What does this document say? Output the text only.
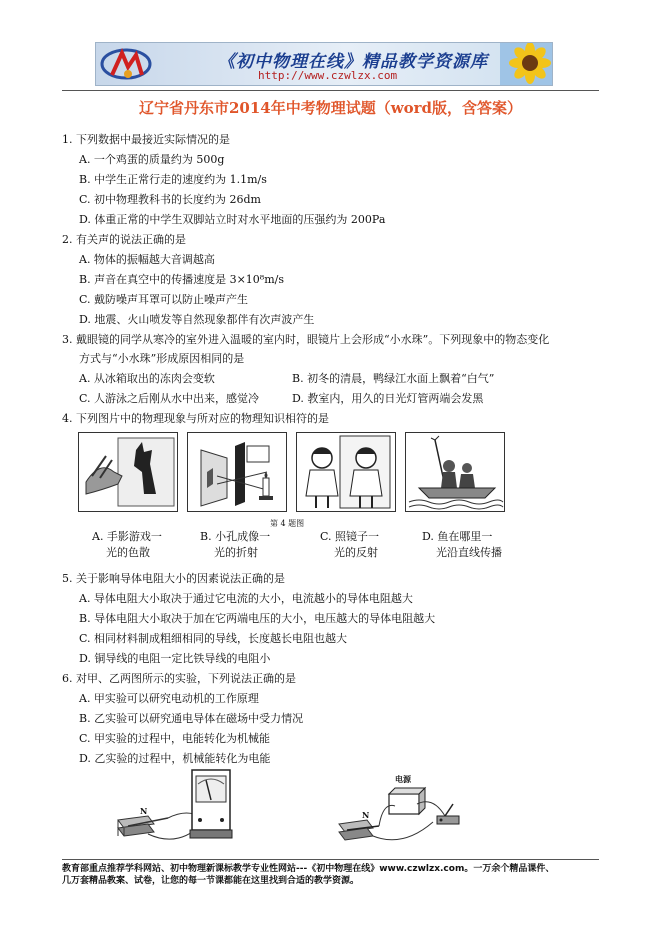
《初中物理在线》精品教学资源库
http://www.czwlzx.com
辽宁省丹东市2014年中考物理试题（word版，含答案）
1. 下列数据中最接近实际情况的是
A. 一个鸡蛋的质量约为 500g
B. 中学生正常行走的速度约为 1.1m/s
C. 初中物理教科书的长度约为 26dm
D. 体重正常的中学生双脚站立时对水平地面的压强约为 200Pa
2. 有关声的说法正确的是
A. 物体的振幅越大音调越高
B. 声音在真空中的传播速度是 3×10⁸m/s
C. 戴防噪声耳罩可以防止噪声产生
D. 地震、火山喷发等自然现象都伴有次声波产生
3. 戴眼镜的同学从寒冷的室外进入温暖的室内时，眼镜片上会形成“小水珠”。下列现象中的物态变化
方式与“小水珠”形成原因相同的是
A. 从冰箱取出的冻肉会变软	B. 初冬的清晨，鸭绿江水面上飘着“白气”
C. 人游泳之后刚从水中出来，感觉冷	D. 教室内，用久的日光灯管两端会发黑
4. 下列图片中的物理现象与所对应的物理知识相符的是
第 4 题图
A. 手影游戏一
光的色散
B. 小孔成像一
光的折射
C. 照镜子一
光的反射
D. 鱼在哪里一
光沿直线传播
5. 关于影响导体电阻大小的因素说法正确的是
A. 导体电阻大小取决于通过它电流的大小，电流越小的导体电阻越大
B. 导体电阻大小取决于加在它两端电压的大小，电压越大的导体电阻越大
C. 相同材料制成粗细相同的导线，长度越长电阻也越大
D. 铜导线的电阻一定比铁导线的电阻小
6. 对甲、乙两图所示的实验，下列说法正确的是
A. 甲实验可以研究电动机的工作原理
B. 乙实验可以研究通电导体在磁场中受力情况
C. 甲实验的过程中，电能转化为机械能
D. 乙实验的过程中，机械能转化为电能
N
电源
N
教育部重点推荐学科网站、初中物理新课标教学专业性网站---《初中物理在线》www.czwlzx.com。一万余个精品课件、
几万套精品教案、试卷，让您的每一节课都能在这里找到合适的教学资源。
